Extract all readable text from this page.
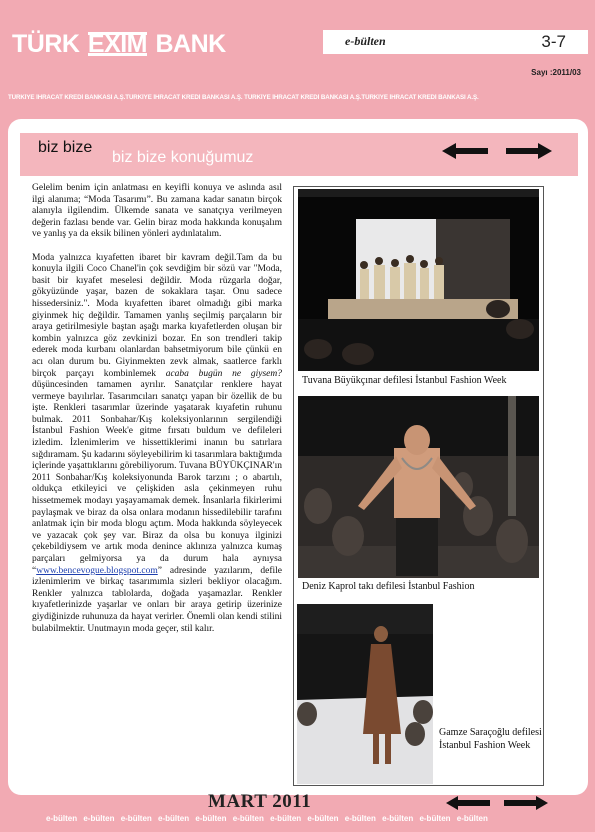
TÜRK EXIM BANK	e-bülten	3-7
Sayı :2011/03
TÜRKİYE İHRACAT KREDİ BANKASI A.Ş.TÜRKİYE İHRACAT KREDİ BANKASI A.Ş. TÜRKİYE İHRACAT KREDİ BANKASI A.Ş.TÜRKİYE İHRACAT KREDİ BANKASI A.Ş.
biz bize
biz bize konuğumuz

Gelelim benim için anlatması en keyifli konuya ve aslında asıl ilgi alanıma; “Moda Tasarımı”. Bu zamana kadar sanatın birçok alanıyla ilgilendim. Ülkemde sanata ve sanatçıya verilmeyen değerin fazlası bende var. Gelin biraz moda hakkında konuşalım ve yanlış ya da eksik bilinen yönleri aydınlatalım.

Moda yalnızca kıyafetten ibaret bir kavram değil.Tam da bu konuyla ilgili Coco Chanel'in çok sevdiğim bir sözü var "Moda, basit bir kıyafet meselesi değildir. Moda rüzgarla doğar, gökyüzünde yaşar, bazen de sokaklara taşar. Onu sadece hissedersiniz.". Moda kıyafetten ibaret olmadığı gibi marka giyinmek hiç değildir. Tamamen yanlış seçilmiş parçaların bir araya getirilmesiyle baştan aşağı marka kıyafetlerden oluşan bir kombin yalnızca göz zevkinizi bozar. En son trendleri takip ederek moda kurbanı olanlardan bahsetmiyorum bile çünkü en acı olan durum bu. Giyinmekten zevk almak, saatlerce farklı birçok parçayı kombinlemek acaba bugün ne giysem? düşüncesinden tamamen ayrılır. Sanatçılar renklere hayat vermeye bayılırlar. Tasarımcıları sanatçı yapan bir özellik de bu işte. Renkleri tasarımlar üzerinde yaşatarak kıyafetin ruhunu bulmak. 2011 Sonbahar/Kış koleksiyonlarının sergilendiği İstanbul Fashion Week'e gitme fırsatı buldum ve defileleri izledim. İzlenimlerim ve hissettiklerimi inanın bu satırlara sığdıramam. Şu kadarını söyleyebilirim ki tasarımlara baktığımda içlerinde yaşattıklarını görebiliyorum. Tuvana BÜYÜKÇINAR'ın 2011 Sonbahar/Kış koleksiyonunda Barok tarzını ; o abartılı, oldukça etkileyici ve çelişkiden asla çekinmeyen ruhu hissetmemek modayı yaşayamamak demek. İnsanlarla fikirlerimi paylaşmak ve biraz da olsa onlara modanın hissedilebilir tarafını anlatmak için bir moda blogu açtım. Moda hakkında söyleyecek ve yazacak çok şey var. Biraz da olsa bu konuya ilginizi çekebildiysem ve artık moda denince aklınıza yalnızca kumaş parçaları gelmiyorsa ya da durum hala aynıysa “www.bencevogue.blogspot.com” adresinde yazılarım, defile izlenimlerim ve birkaç tasarımımla sizleri bekliyor olacağım. Renkler yalnızca tablolarda, doğada yaşamazlar. Renkler kıyafetlerinizde yaşarlar ve onları bir araya getirip üzerinize giydiğinizde ruhunuza da hayat verirler. Önemli olan kendi stilini bulabilmektir. Unutmayın moda geçer, stil kalır.

Tuvana Büyükçınar defilesi İstanbul Fashion Week
Deniz Kaprol takı defilesi İstanbul Fashion
Gamze Saraçoğlu defilesi
İstanbul Fashion Week
MART 2011
e-bülten e-bülten e-bülten e-bülten e-bülten e-bülten e-bülten e-bülten e-bülten e-bülten e-bülten e-bülten
